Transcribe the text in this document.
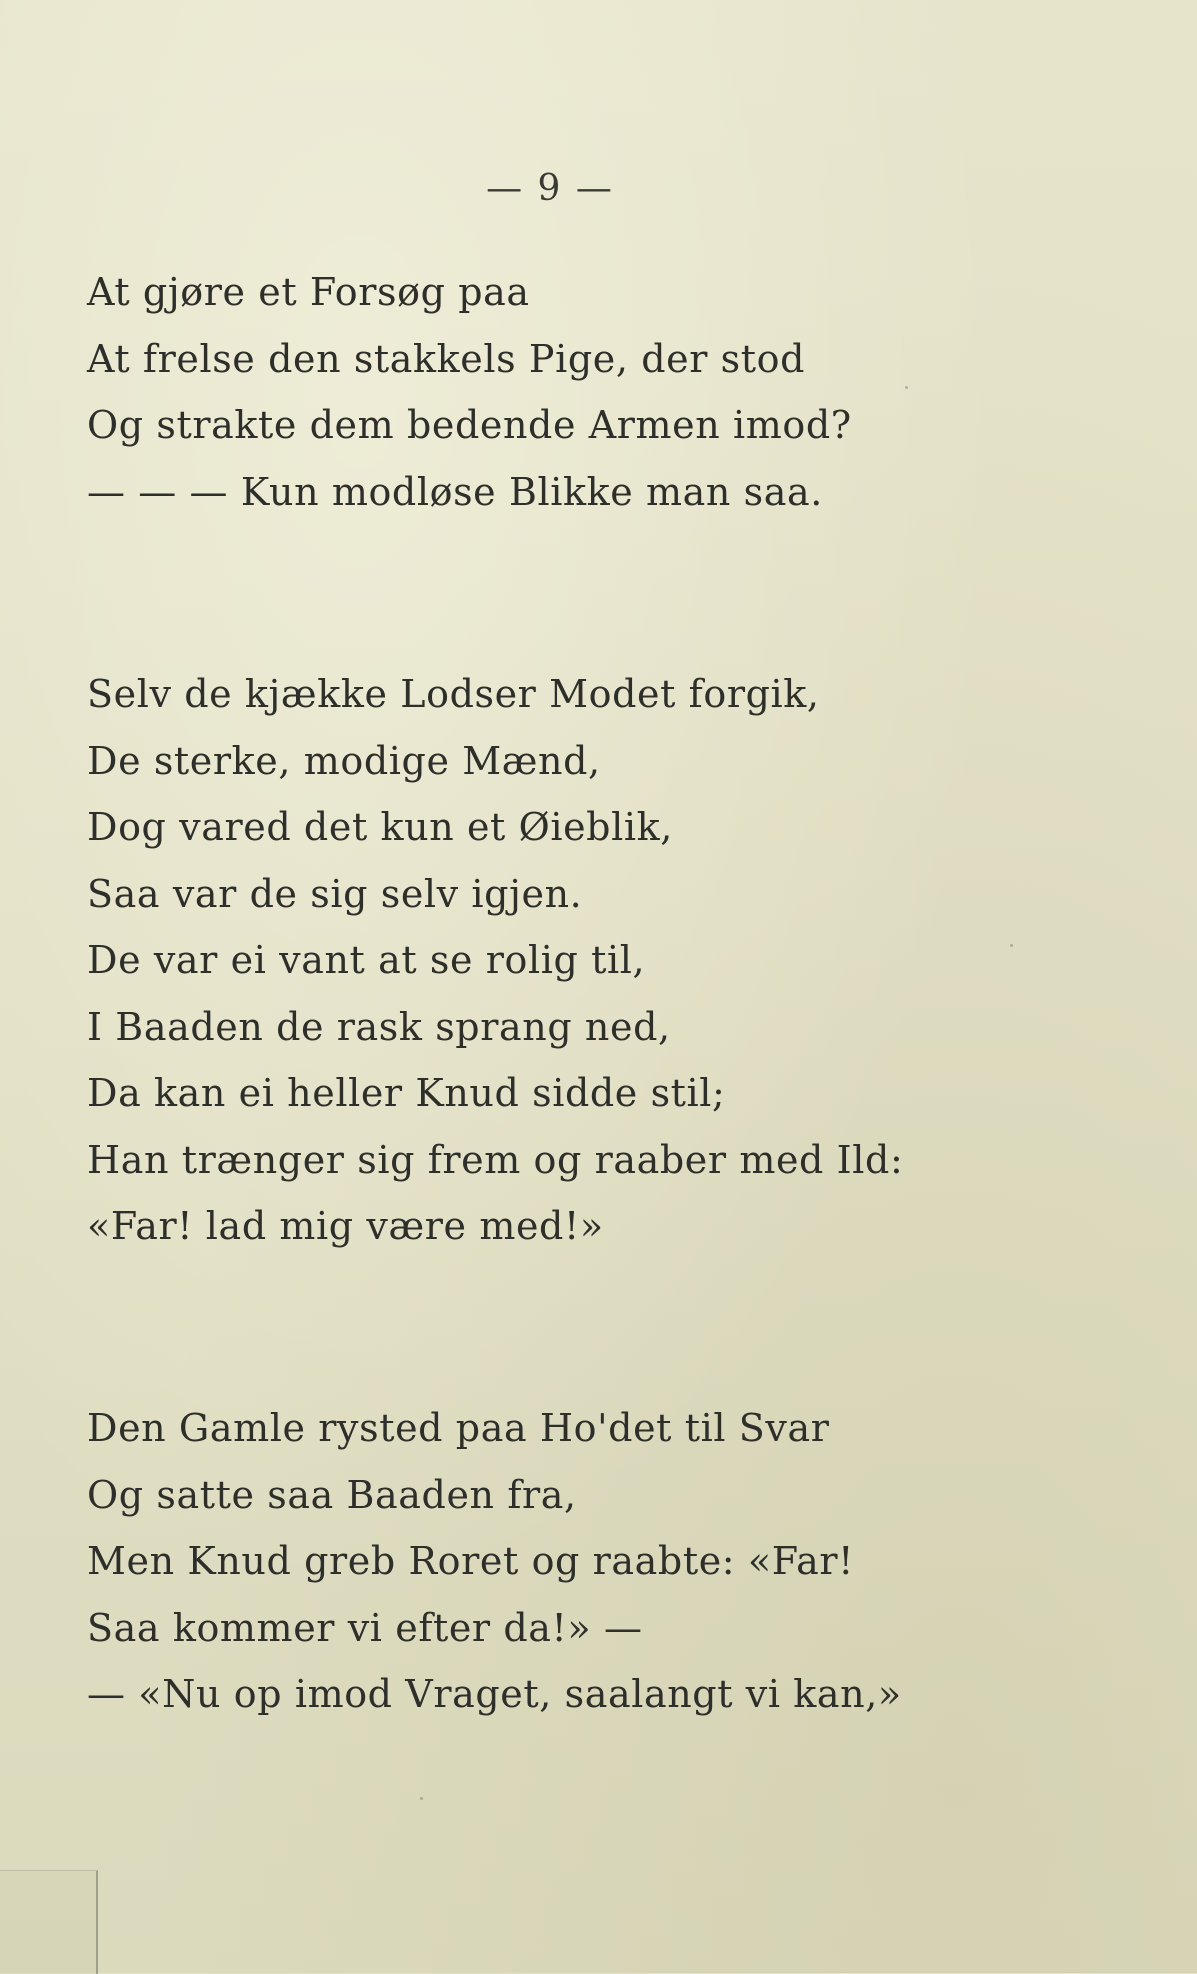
— 9 —
At gjøre et Forsøg paa
At frelse den stakkels Pige, der stod
Og strakte dem bedende Armen imod?
— — — Kun modløse Blikke man saa.
Selv de kjække Lodser Modet forgik,
De sterke, modige Mænd,
Dog vared det kun et Øieblik,
Saa var de sig selv igjen.
De var ei vant at se rolig til,
I Baaden de rask sprang ned,
Da kan ei heller Knud sidde stil;
Han trænger sig frem og raaber med Ild:
«Far! lad mig være med!»
Den Gamle rysted paa Ho'det til Svar
Og satte saa Baaden fra,
Men Knud greb Roret og raabte: «Far!
Saa kommer vi efter da!» —
— «Nu op imod Vraget, saalangt vi kan,»
